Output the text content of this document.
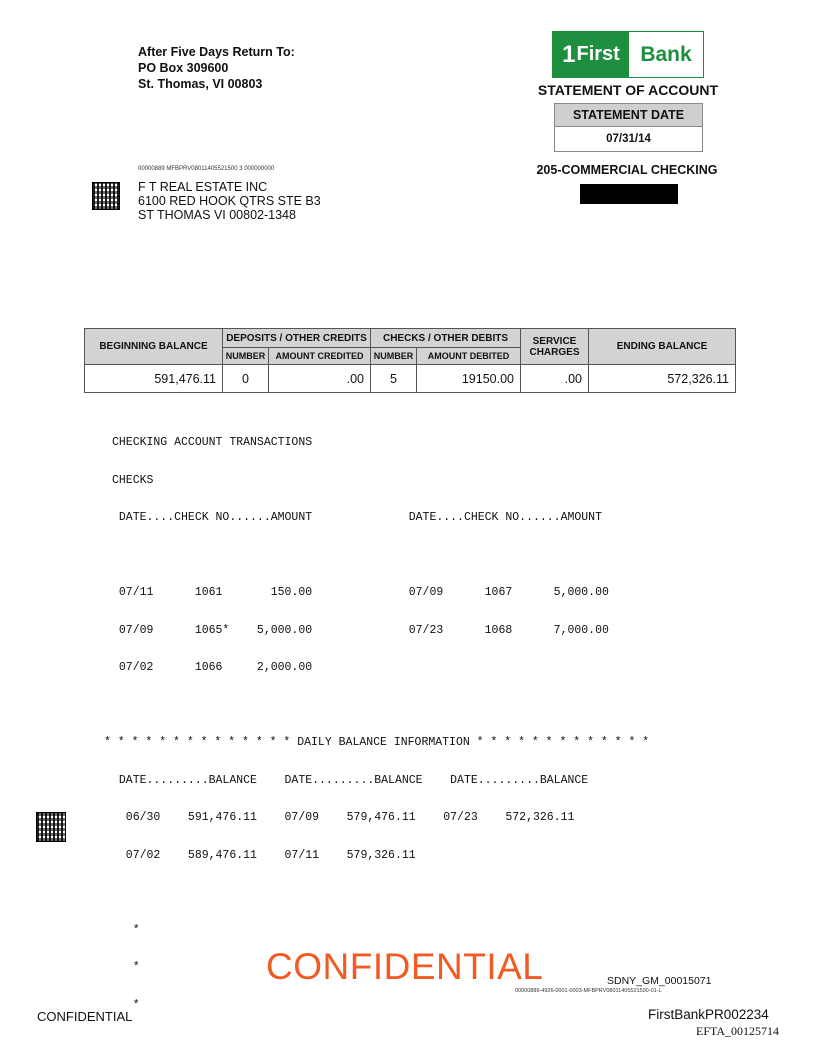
After Five Days Return To:
PO Box 309600
St. Thomas, VI 00803
1 First Bank
STATEMENT OF ACCOUNT
STATEMENT DATE
07/31/14
205-COMMERCIAL CHECKING
00000889 MFBPRV08011405521500 3 000000000
F T REAL ESTATE INC
6100 RED HOOK QTRS STE B3
ST THOMAS VI 00802-1348
BEGINNING BALANCE	DEPOSITS / OTHER CREDITS		CHECKS / OTHER DEBITS		SERVICE CHARGES	ENDING BALANCE
	NUMBER	AMOUNT CREDITED	NUMBER	AMOUNT DEBITED		
591,476.11	0	.00	5	19150.00	.00	572,326.11

CHECKING ACCOUNT TRANSACTIONS

CHECKS

DATE....CHECK NO......AMOUNT              DATE....CHECK NO......AMOUNT

07/11      1061       150.00              07/09      1067      5,000.00

07/09      1065*    5,000.00              07/23      1068      7,000.00

07/02      1066     2,000.00

* * * * * * * * * * * * * * DAILY BALANCE INFORMATION * * * * * * * * * * * * *

DATE.........BALANCE    DATE.........BALANCE    DATE.........BALANCE

06/30    591,476.11    07/09    579,476.11    07/23    572,326.11

07/02    589,476.11    07/11    579,326.11

*

*

*

CONFIDENTIAL	SDNY_GM_00015071
00000889-4926-0001-0003-MFBPRV08011405521500-01-L
CONFIDENTIAL	FirstBankPR002234
EFTA_00125714
